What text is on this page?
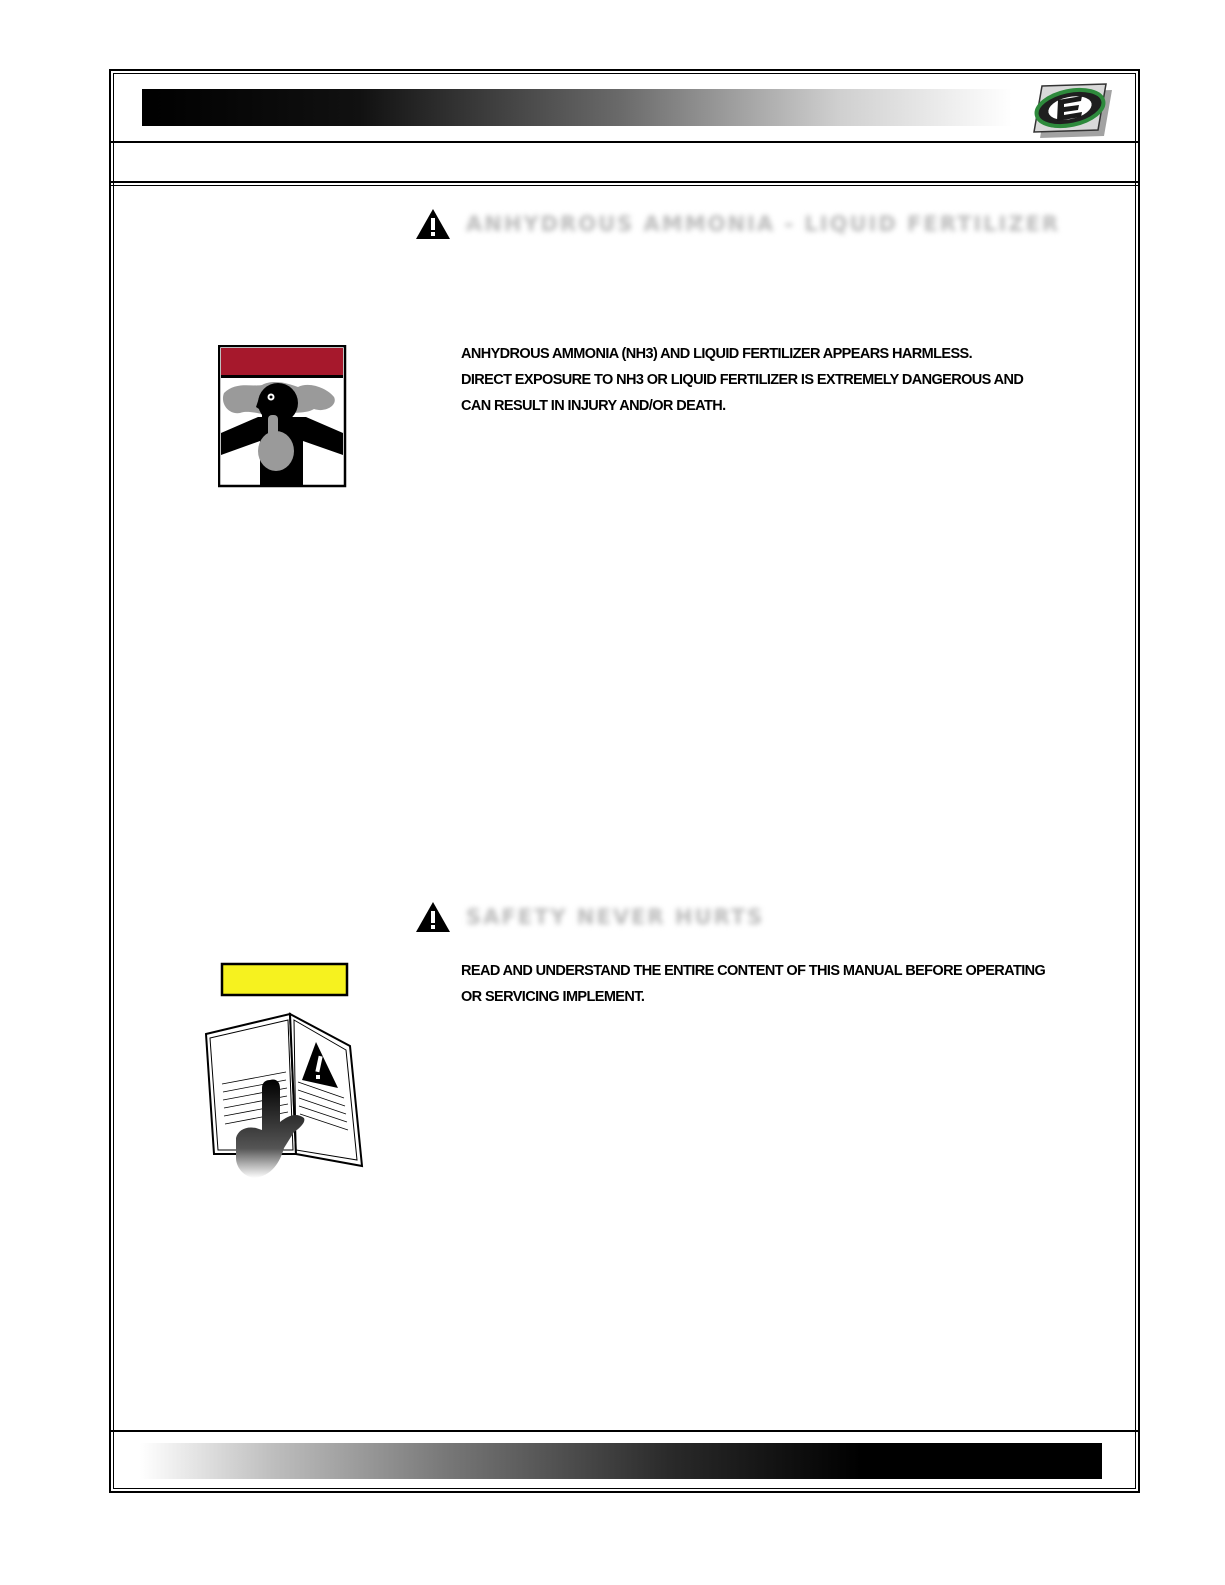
ANHYDROUS AMMONIA - LIQUID FERTILIZER
ANHYDROUS AMMONIA (NH3) AND LIQUID FERTILIZER APPEARS HARMLESS.
DIRECT EXPOSURE TO NH3 OR LIQUID FERTILIZER IS EXTREMELY DANGEROUS AND
CAN RESULT IN INJURY AND/OR DEATH.
SAFETY NEVER HURTS
READ AND UNDERSTAND THE ENTIRE CONTENT OF THIS MANUAL BEFORE OPERATING
OR SERVICING IMPLEMENT.
